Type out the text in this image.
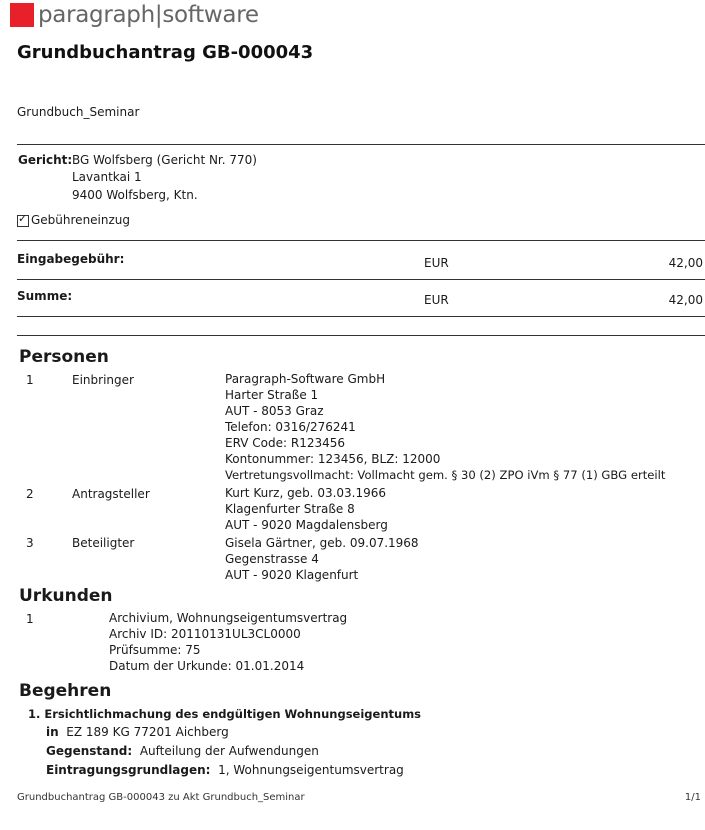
paragraph|software
Grundbuchantrag GB-000043
Grundbuch_Seminar
Gericht: BG Wolfsberg (Gericht Nr. 770)
Lavantkai 1
9400 Wolfsberg, Ktn.
✓Gebühreneinzug
Eingabegebühr:	EUR	42,00
Summe:	EUR	42,00
Personen
1	Einbringer	Paragraph-Software GmbH
Harter Straße 1
AUT - 8053 Graz
Telefon: 0316/276241
ERV Code: R123456
Kontonummer: 123456, BLZ: 12000
Vertretungsvollmacht: Vollmacht gem. § 30 (2) ZPO iVm § 77 (1) GBG erteilt
2	Antragsteller	Kurt Kurz, geb. 03.03.1966
Klagenfurter Straße 8
AUT - 9020 Magdalensberg
3	Beteiligter	Gisela Gärtner, geb. 09.07.1968
Gegenstrasse 4
AUT - 9020 Klagenfurt
Urkunden
1	Archivium, Wohnungseigentumsvertrag
Archiv ID: 20110131UL3CL0000
Prüfsumme: 75
Datum der Urkunde: 01.01.2014
Begehren
1. Ersichtlichmachung des endgültigen Wohnungseigentums
in EZ 189 KG 77201 Aichberg
Gegenstand: Aufteilung der Aufwendungen
Eintragungsgrundlagen: 1, Wohnungseigentumsvertrag
Grundbuchantrag GB-000043 zu Akt Grundbuch_Seminar	1/1
